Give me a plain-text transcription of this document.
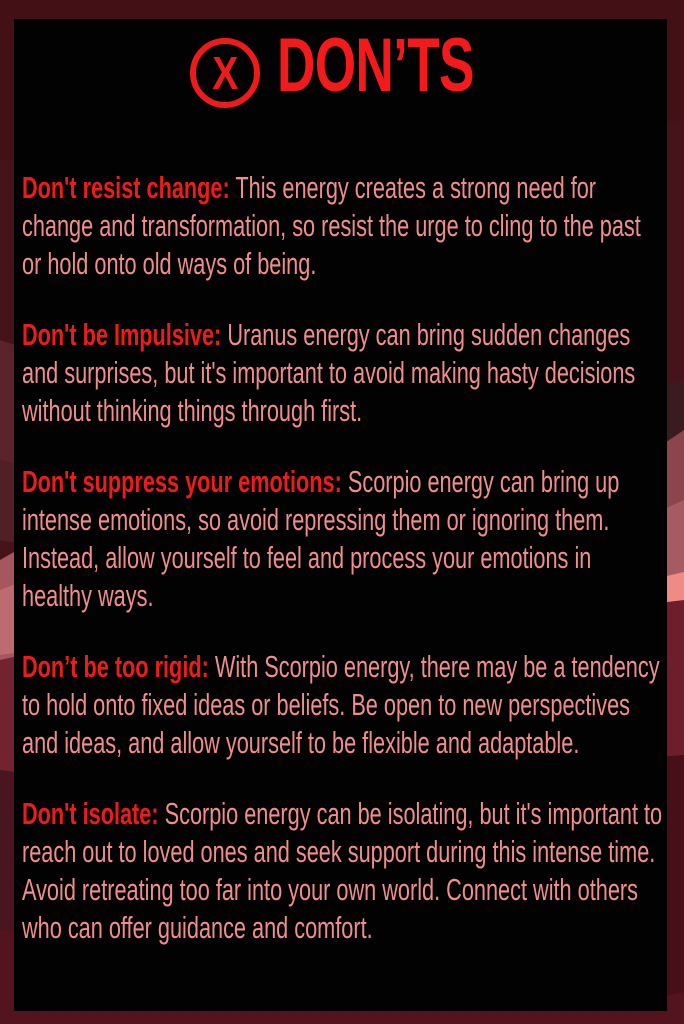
X DON’TS

Don't resist change: This energy creates a strong need for change and transformation, so resist the urge to cling to the past or hold onto old ways of being.

Don't be Impulsive: Uranus energy can bring sudden changes and surprises, but it's important to avoid making hasty decisions without thinking things through first.

Don't suppress your emotions: Scorpio energy can bring up intense emotions, so avoid repressing them or ignoring them. Instead, allow yourself to feel and process your emotions in healthy ways.

Don’t be too rigid: With Scorpio energy, there may be a tendency to hold onto fixed ideas or beliefs. Be open to new perspectives and ideas, and allow yourself to be flexible and adaptable.

Don't isolate: Scorpio energy can be isolating, but it's important to reach out to loved ones and seek support during this intense time. Avoid retreating too far into your own world. Connect with others who can offer guidance and comfort.
